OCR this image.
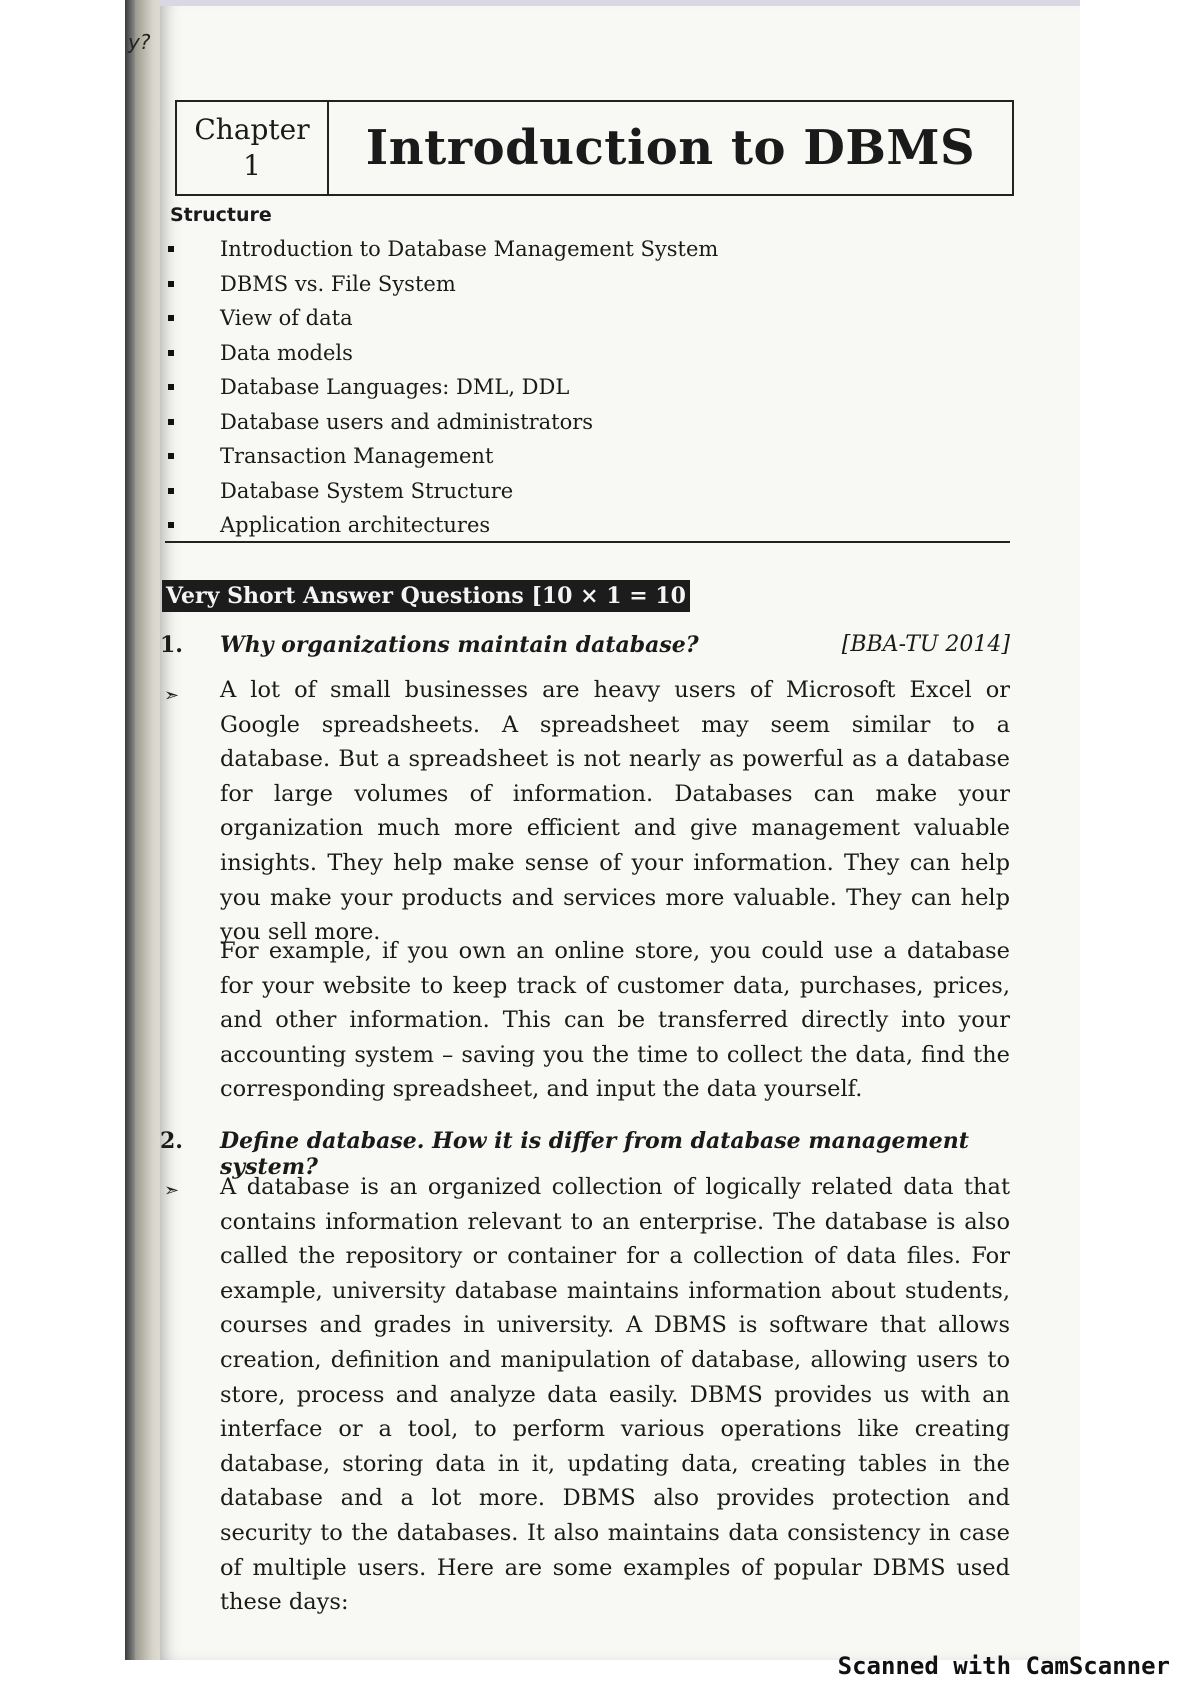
y?
Chapter
1	Introduction to DBMS
Structure
Introduction to Database Management System
DBMS vs. File System
View of data
Data models
Database Languages: DML, DDL
Database users and administrators
Transaction Management
Database System Structure
Application architectures
Very Short Answer Questions [10 × 1 = 10
1. Why organizations maintain database?	[BBA-TU 2014]
➣ A lot of small businesses are heavy users of Microsoft Excel or Google spreadsheets. A spreadsheet may seem similar to a database. But a spreadsheet is not nearly as powerful as a database for large volumes of information. Databases can make your organization much more efficient and give management valuable insights. They help make sense of your information. They can help you make your products and services more valuable. They can help you sell more.
For example, if you own an online store, you could use a database for your website to keep track of customer data, purchases, prices, and other information. This can be transferred directly into your accounting system – saving you the time to collect the data, find the corresponding spreadsheet, and input the data yourself.
2. Define database. How it is differ from database management system?
➣ A database is an organized collection of logically related data that contains information relevant to an enterprise. The database is also called the repository or container for a collection of data files. For example, university database maintains information about students, courses and grades in university. A DBMS is software that allows creation, definition and manipulation of database, allowing users to store, process and analyze data easily. DBMS provides us with an interface or a tool, to perform various operations like creating database, storing data in it, updating data, creating tables in the database and a lot more. DBMS also provides protection and security to the databases. It also maintains data consistency in case of multiple users. Here are some examples of popular DBMS used these days:
Scanned with CamScanner
